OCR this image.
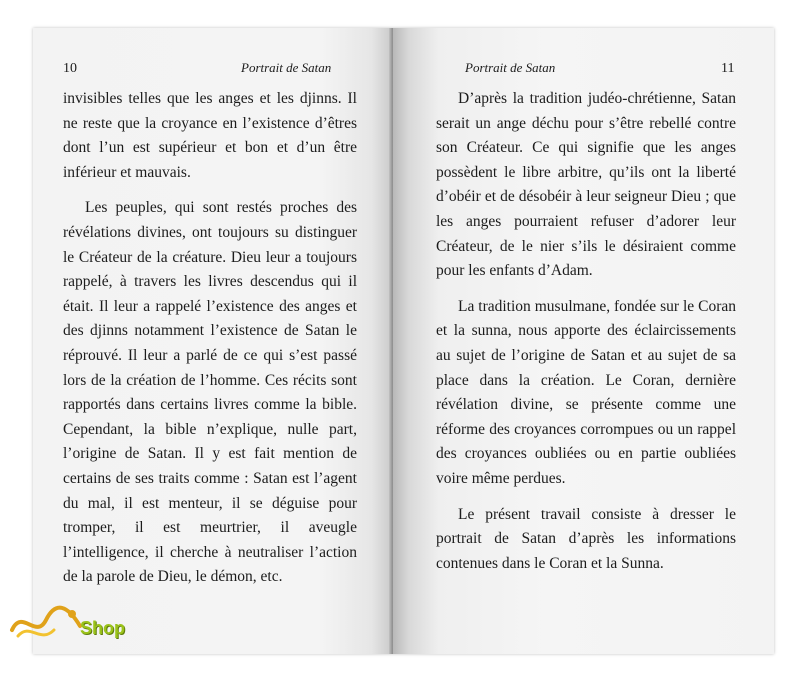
10	Portrait de Satan

invisibles telles que les anges et les djinns. Il ne reste que la croyance en l’existence d’êtres dont l’un est supérieur et bon et d’un être inférieur et mauvais.

Les peuples, qui sont restés proches des révélations divines, ont toujours su distinguer le Créateur de la créature. Dieu leur a toujours rappelé, à travers les livres descendus qui il était. Il leur a rappelé l’existence des anges et des djinns notamment l’existence de Satan le réprouvé. Il leur a parlé de ce qui s’est passé lors de la création de l’homme. Ces récits sont rapportés dans certains livres comme la bible. Cependant, la bible n’explique, nulle part, l’origine de Satan. Il y est fait mention de certains de ses traits comme : Satan est l’agent du mal, il est menteur, il se déguise pour tromper, il est meurtrier, il aveugle l’intelligence, il cherche à neutraliser l’action de la parole de Dieu, le démon, etc.

Portrait de Satan	11

D’après la tradition judéo-chrétienne, Satan serait un ange déchu pour s’être rebellé contre son Créateur. Ce qui signifie que les anges possèdent le libre arbitre, qu’ils ont la liberté d’obéir et de désobéir à leur seigneur Dieu ; que les anges pourraient refuser d’adorer leur Créateur, de le nier s’ils le désiraient comme pour les enfants d’Adam.

La tradition musulmane, fondée sur le Coran et la sunna, nous apporte des éclaircissements au sujet de l’origine de Satan et au sujet de sa place dans la création. Le Coran, dernière révélation divine, se présente comme une réforme des croyances corrompues ou un rappel des croyances oubliées ou en partie oubliées voire même perdues.

Le présent travail consiste à dresser le portrait de Satan d’après les informations contenues dans le Coran et la Sunna.

Shop
